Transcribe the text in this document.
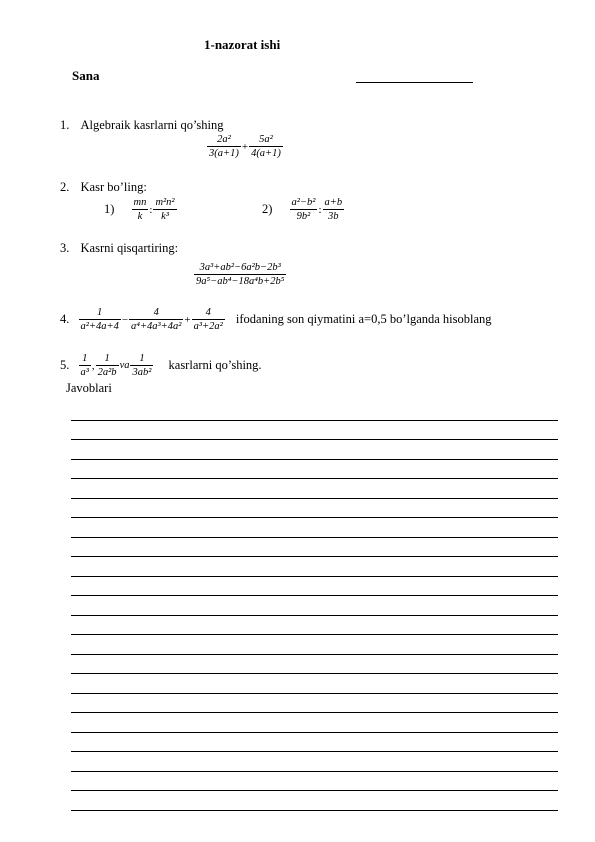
1-nazorat ishi
Sana
1. Algebraik kasrlarni qo’shing
$\frac{\text{2a²}}{3(a+1)} + \frac{\text{5a²}}{4(a+1)}$
2. Kasr bo’ling:
$1) \frac{mn}{k}$ : $\frac{\text{m²n²}}{\text{k³}}$	$2) \frac{\text{a²−b²}}{\text{9b²}}$ : $\frac{a+b}{3b}$
3. Kasrni qisqartiring:
$\frac{\text{3a³+ab²−6a²b−2b³}}{\text{9a⁵−ab⁴−18a⁴b+2b⁵}}$
4. $\frac{1}{\text{a²+4a+4}} - \frac{4}{\text{a⁴+4a³+4a²}} + \frac{4}{\text{a³+2a²}}$ ifodaning son qiymatini a=0,5 bo’lganda hisoblang
5. $\frac{1}{\text{a³}}$ , $\frac{1}{\text{2a²b}}$ va $\frac{1}{\text{3ab²}}$ kasrlarni qo’shing.
Javoblari
